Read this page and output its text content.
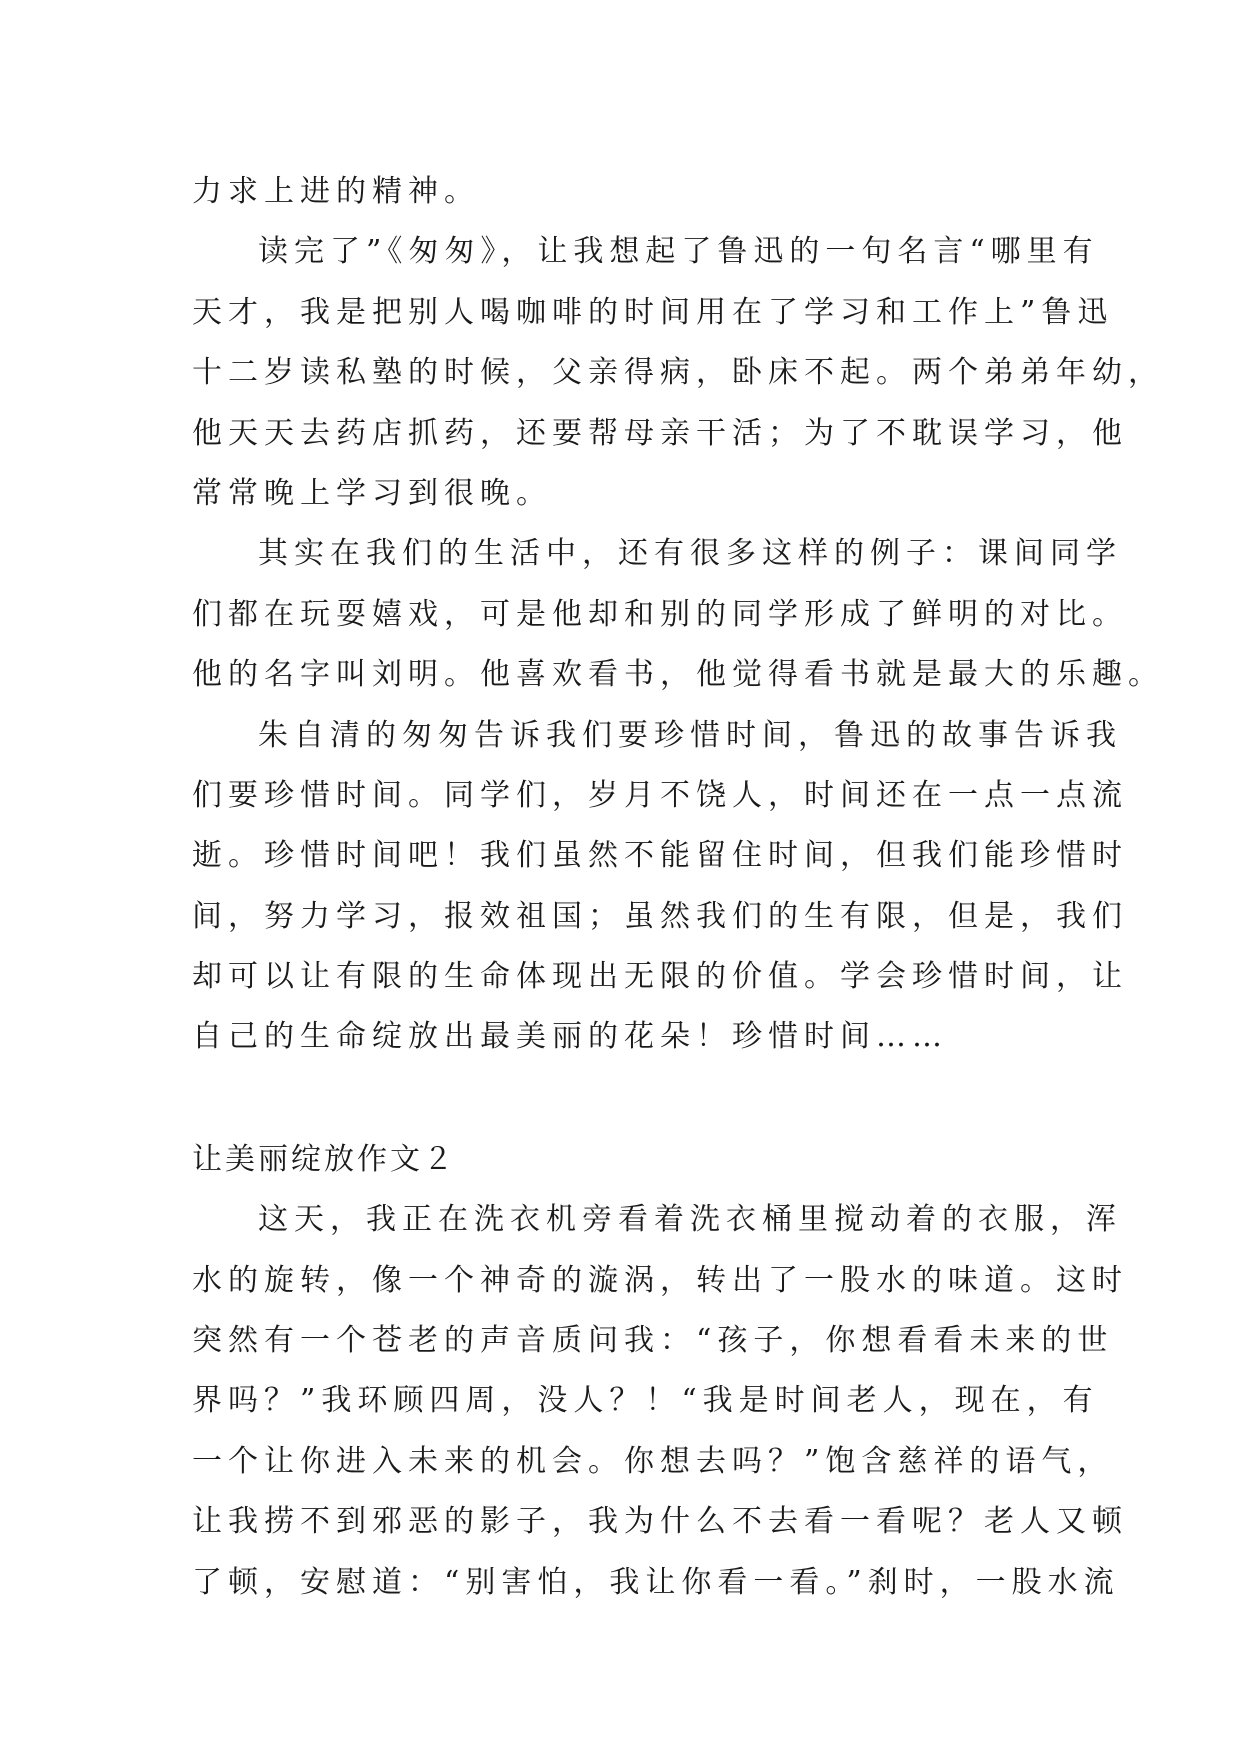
力求上进的精神。
读完了”《匆匆》，让我想起了鲁迅的一句名言“哪里有
天才，我是把别人喝咖啡的时间用在了学习和工作上”鲁迅
十二岁读私塾的时候，父亲得病，卧床不起。两个弟弟年幼，
他天天去药店抓药，还要帮母亲干活；为了不耽误学习，他
常常晚上学习到很晚。
其实在我们的生活中，还有很多这样的例子：课间同学
们都在玩耍嬉戏，可是他却和别的同学形成了鲜明的对比。
他的名字叫刘明。他喜欢看书，他觉得看书就是最大的乐趣。
朱自清的匆匆告诉我们要珍惜时间，鲁迅的故事告诉我
们要珍惜时间。同学们，岁月不饶人，时间还在一点一点流
逝。珍惜时间吧！我们虽然不能留住时间，但我们能珍惜时
间，努力学习，报效祖国；虽然我们的生有限，但是，我们
却可以让有限的生命体现出无限的价值。学会珍惜时间，让
自己的生命绽放出最美丽的花朵！珍惜时间……
让美丽绽放作文２
这天，我正在洗衣机旁看着洗衣桶里搅动着的衣服，浑
水的旋转，像一个神奇的漩涡，转出了一股水的味道。这时
突然有一个苍老的声音质问我：“孩子，你想看看未来的世
界吗？”我环顾四周，没人？！“我是时间老人，现在，有
一个让你进入未来的机会。你想去吗？”饱含慈祥的语气，
让我捞不到邪恶的影子，我为什么不去看一看呢？老人又顿
了顿，安慰道：“别害怕，我让你看一看。”刹时，一股水流
